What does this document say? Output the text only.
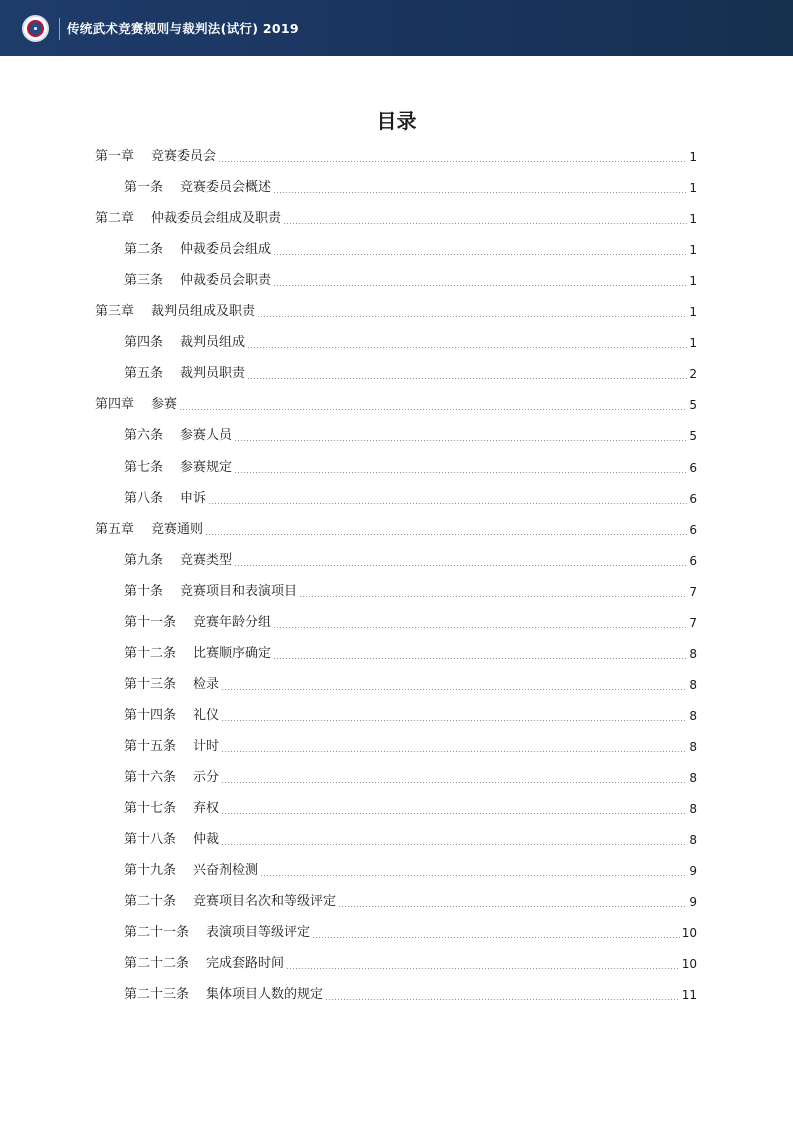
传统武术竞赛规则与裁判法(试行) 2019
目录
第一章 竞赛委员会	1
第一条 竞赛委员会概述	1
第二章 仲裁委员会组成及职责	1
第二条 仲裁委员会组成	1
第三条 仲裁委员会职责	1
第三章 裁判员组成及职责	1
第四条 裁判员组成	1
第五条 裁判员职责	2
第四章 参赛	5
第六条 参赛人员	5
第七条 参赛规定	6
第八条 申诉	6
第五章 竞赛通则	6
第九条 竞赛类型	6
第十条 竞赛项目和表演项目	7
第十一条 竞赛年龄分组	7
第十二条 比赛顺序确定	8
第十三条 检录	8
第十四条 礼仪	8
第十五条 计时	8
第十六条 示分	8
第十七条 弃权	8
第十八条 仲裁	8
第十九条 兴奋剂检测	9
第二十条 竞赛项目名次和等级评定	9
第二十一条 表演项目等级评定	10
第二十二条 完成套路时间	10
第二十三条 集体项目人数的规定	11
